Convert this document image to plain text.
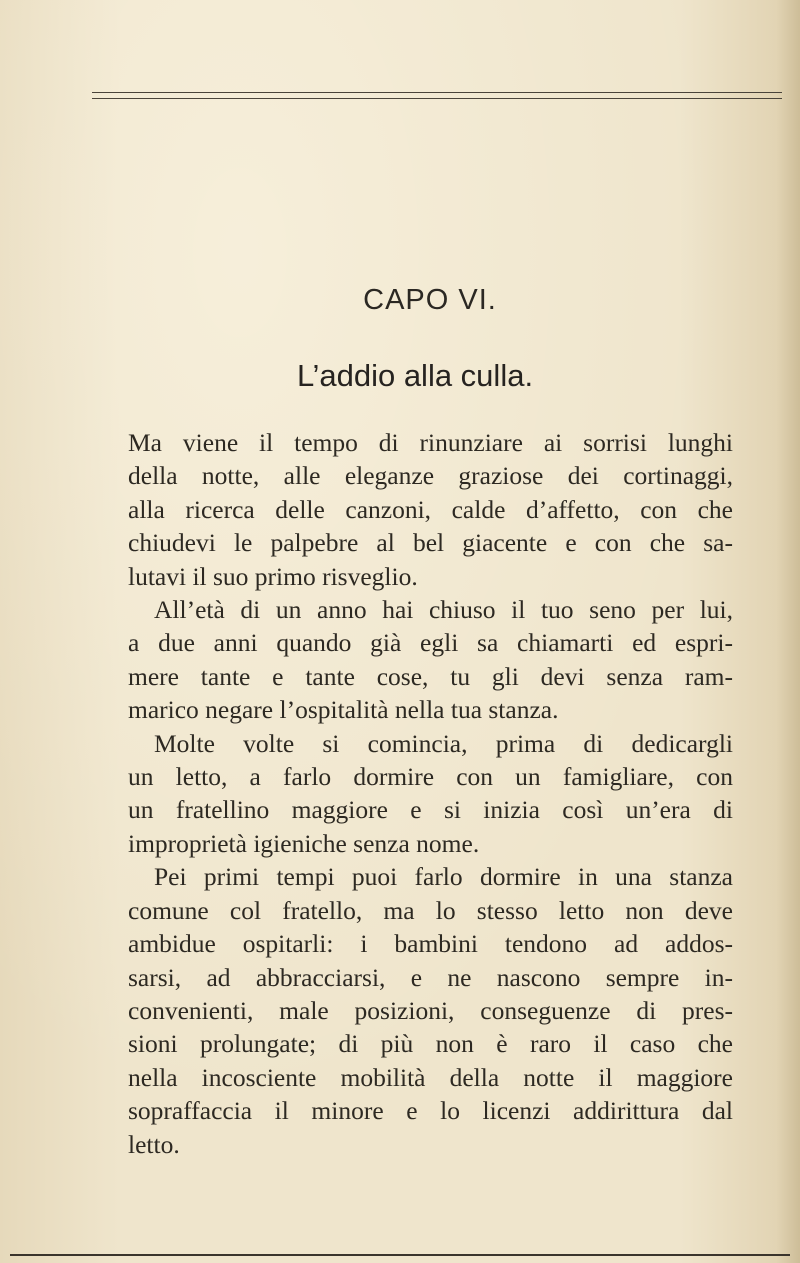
CAPO VI.
L’addio alla culla.

Ma viene il tempo di rinunziare ai sorrisi lunghi
della notte, alle eleganze graziose dei cortinaggi,
alla ricerca delle canzoni, calde d’affetto, con che
chiudevi le palpebre al bel giacente e con che sa-
lutavi il suo primo risveglio.

All’età di un anno hai chiuso il tuo seno per lui,
a due anni quando già egli sa chiamarti ed espri-
mere tante e tante cose, tu gli devi senza ram-
marico negare l’ospitalità nella tua stanza.

Molte volte si comincia, prima di dedicargli
un letto, a farlo dormire con un famigliare, con
un fratellino maggiore e si inizia così un’era di
improprietà igieniche senza nome.

Pei primi tempi puoi farlo dormire in una stanza
comune col fratello, ma lo stesso letto non deve
ambidue ospitarli: i bambini tendono ad addos-
sarsi, ad abbracciarsi, e ne nascono sempre in-
convenienti, male posizioni, conseguenze di pres-
sioni prolungate; di più non è raro il caso che
nella incosciente mobilità della notte il maggiore
sopraffaccia il minore e lo licenzi addirittura dal
letto.
